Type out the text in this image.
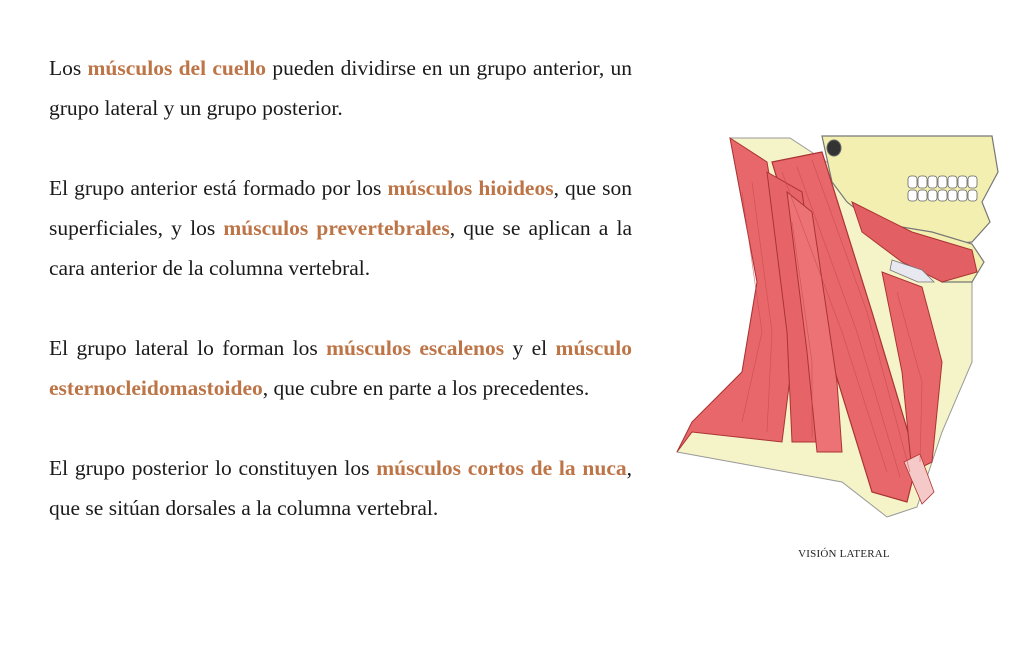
Los músculos del cuello pueden dividirse en un grupo anterior, un grupo lateral y un grupo posterior.

El grupo anterior está formado por los músculos hioideos, que son superficiales, y los músculos prevertebrales, que se aplican a la cara anterior de la columna vertebral.

El grupo lateral lo forman los músculos escalenos y el músculo esternocleidomastoideo, que cubre en parte a los precedentes.

El grupo posterior lo constituyen los músculos cortos de la nuca, que se sitúan dorsales a la columna vertebral.

VISIÓN LATERAL
